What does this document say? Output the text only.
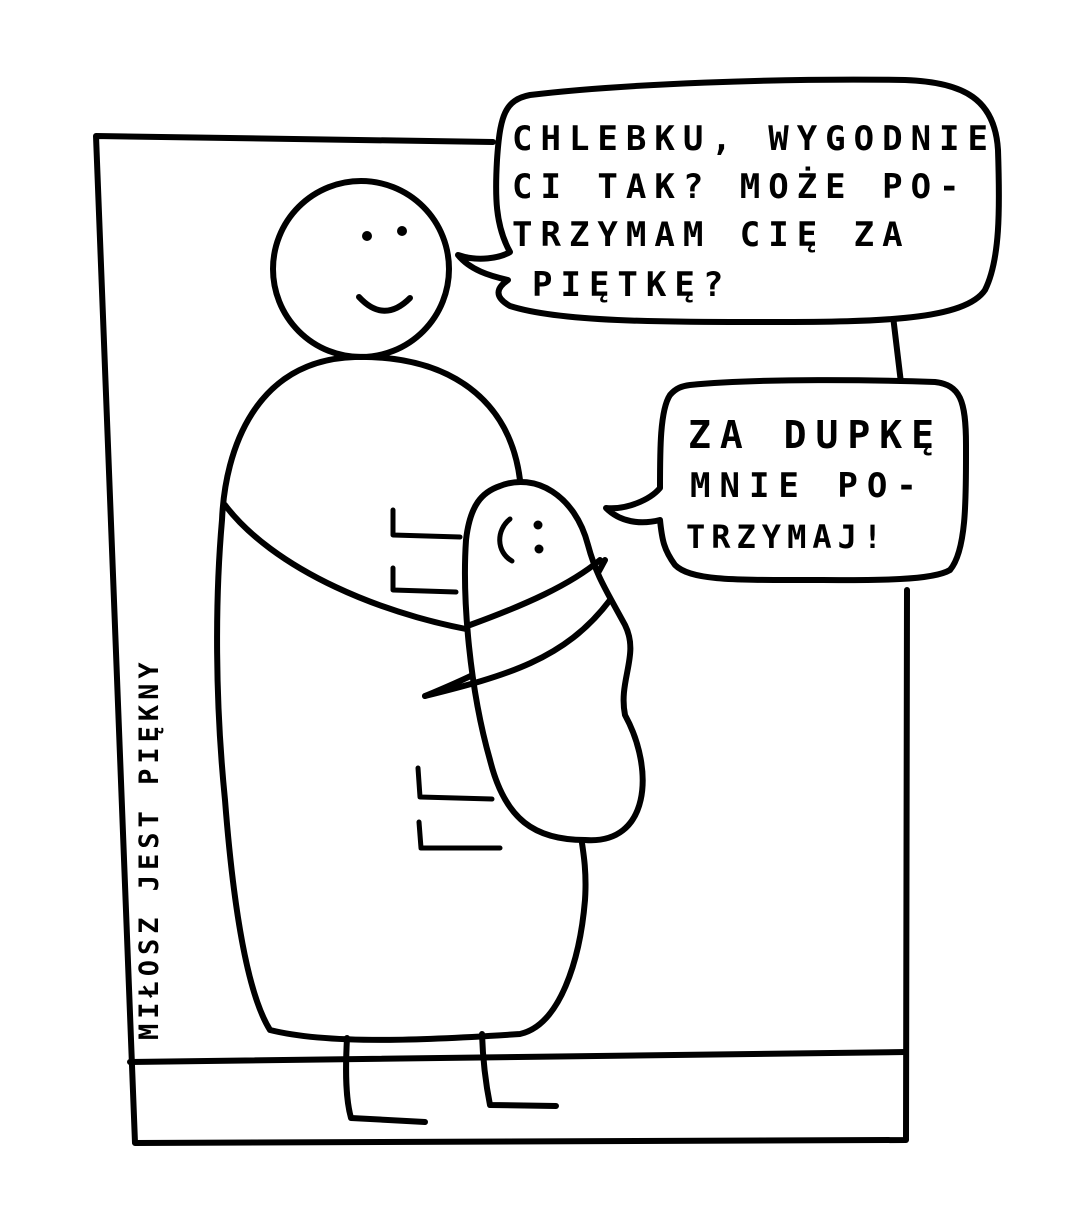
CHLEBKU, WYGODNIE
CI TAK? MOŻE PO-
TRZYMAM CIĘ ZA
PIĘTKĘ?
ZA DUPKĘ
MNIE PO-
TRZYMAJ!
MIŁOSZ JEST PIĘKNY
